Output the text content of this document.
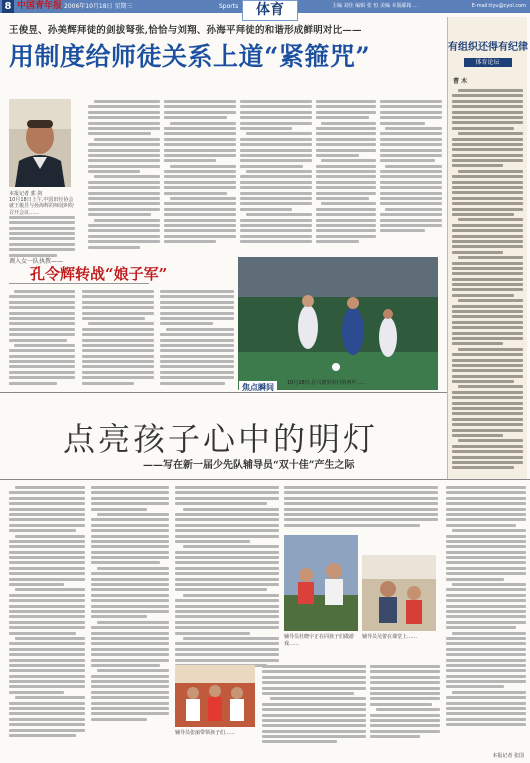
8 中国青年报 2006年10月18日 星期三	Sports	主编 刘佳 编辑 张 恒 美编 本版邮箱 …	E-mail:tiyu@cyol.com
体育
王俊昱、孙美辉拜徒的剑拔弩张,恰恰与刘翔、孙海平拜徒的和谐形成鲜明对比——
用制度给师徒关系上道“紧箍咒”
本报记者 郭 剑
10月18日上午,中国田径协会就王俊昱与孙海辉的师徒纠纷召开会议……
调入女一队执教——
孔令辉转战“娘子军”
焦点瞬间	10月18日,在马德里举行的西甲……
有组织还得有纪律
体育论坛
曹 木
点亮孩子心中的明灯
——写在新一届少先队辅导员“双十佳”产生之际
辅导员杜晓宇正在同孩子们做游戏……
辅导员吴蕾在课堂上……
辅导员张丽带领孩子们……
本报记者 张国
